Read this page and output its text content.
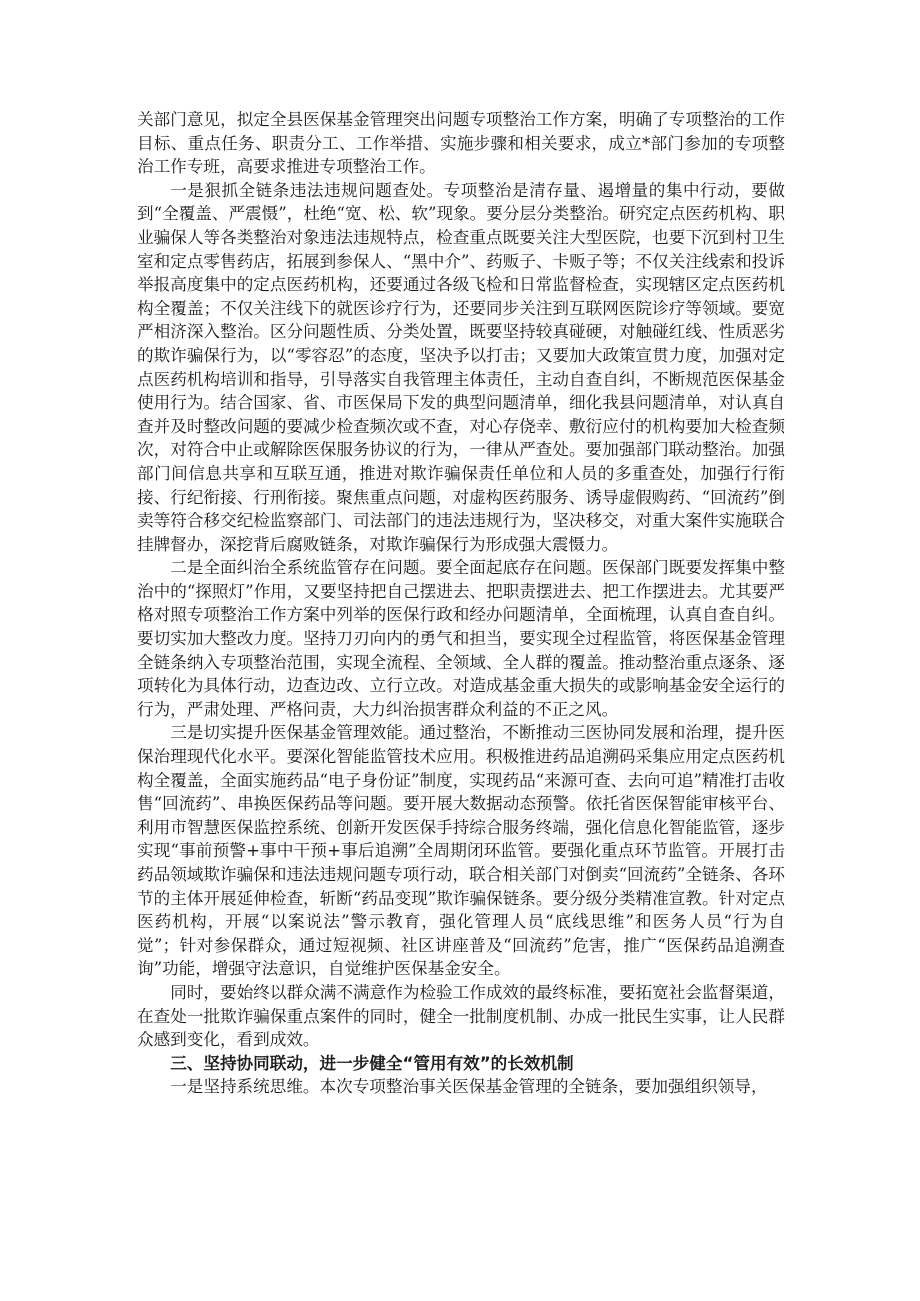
关部门意见，拟定全县医保基金管理突出问题专项整治工作方案，明确了专项整治的工作目标、重点任务、职责分工、工作举措、实施步骤和相关要求，成立*部门参加的专项整治工作专班，高要求推进专项整治工作。

一是狠抓全链条违法违规问题查处。专项整治是清存量、遏增量的集中行动，要做到“全覆盖、严震慑”，杜绝“宽、松、软”现象。要分层分类整治。研究定点医药机构、职业骗保人等各类整治对象违法违规特点，检查重点既要关注大型医院，也要下沉到村卫生室和定点零售药店，拓展到参保人、“黑中介”、药贩子、卡贩子等；不仅关注线索和投诉举报高度集中的定点医药机构，还要通过各级飞检和日常监督检查，实现辖区定点医药机构全覆盖；不仅关注线下的就医诊疗行为，还要同步关注到互联网医院诊疗等领域。要宽严相济深入整治。区分问题性质、分类处置，既要坚持较真碰硬，对触碰红线、性质恶劣的欺诈骗保行为，以“零容忍”的态度，坚决予以打击；又要加大政策宣贯力度，加强对定点医药机构培训和指导，引导落实自我管理主体责任，主动自查自纠，不断规范医保基金使用行为。结合国家、省、市医保局下发的典型问题清单，细化我县问题清单，对认真自查并及时整改问题的要减少检查频次或不查，对心存侥幸、敷衍应付的机构要加大检查频次，对符合中止或解除医保服务协议的行为，一律从严查处。要加强部门联动整治。加强部门间信息共享和互联互通，推进对欺诈骗保责任单位和人员的多重查处，加强行行衔接、行纪衔接、行刑衔接。聚焦重点问题，对虚构医药服务、诱导虚假购药、“回流药”倒卖等符合移交纪检监察部门、司法部门的违法违规行为，坚决移交，对重大案件实施联合挂牌督办，深挖背后腐败链条，对欺诈骗保行为形成强大震慑力。

二是全面纠治全系统监管存在问题。要全面起底存在问题。医保部门既要发挥集中整治中的“探照灯”作用，又要坚持把自己摆进去、把职责摆进去、把工作摆进去。尤其要严格对照专项整治工作方案中列举的医保行政和经办问题清单，全面梳理，认真自查自纠。要切实加大整改力度。坚持刀刃向内的勇气和担当，要实现全过程监管，将医保基金管理全链条纳入专项整治范围，实现全流程、全领域、全人群的覆盖。推动整治重点逐条、逐项转化为具体行动，边查边改、立行立改。对造成基金重大损失的或影响基金安全运行的行为，严肃处理、严格问责，大力纠治损害群众利益的不正之风。

三是切实提升医保基金管理效能。通过整治，不断推动三医协同发展和治理，提升医保治理现代化水平。要深化智能监管技术应用。积极推进药品追溯码采集应用定点医药机构全覆盖，全面实施药品“电子身份证”制度，实现药品“来源可查、去向可追”精准打击收售“回流药”、串换医保药品等问题。要开展大数据动态预警。依托省医保智能审核平台、利用市智慧医保监控系统、创新开发医保手持综合服务终端，强化信息化智能监管，逐步实现“事前预警+事中干预+事后追溯”全周期闭环监管。要强化重点环节监管。开展打击药品领域欺诈骗保和违法违规问题专项行动，联合相关部门对倒卖“回流药”全链条、各环节的主体开展延伸检查，斩断“药品变现”欺诈骗保链条。要分级分类精准宣教。针对定点医药机构，开展“以案说法”警示教育，强化管理人员“底线思维”和医务人员“行为自觉”；针对参保群众，通过短视频、社区讲座普及“回流药”危害，推广“医保药品追溯查询”功能，增强守法意识，自觉维护医保基金安全。

同时，要始终以群众满不满意作为检验工作成效的最终标准，要拓宽社会监督渠道，在查处一批欺诈骗保重点案件的同时，健全一批制度机制、办成一批民生实事，让人民群众感到变化，看到成效。

三、坚持协同联动，进一步健全“管用有效”的长效机制

一是坚持系统思维。本次专项整治事关医保基金管理的全链条，要加强组织领导，
